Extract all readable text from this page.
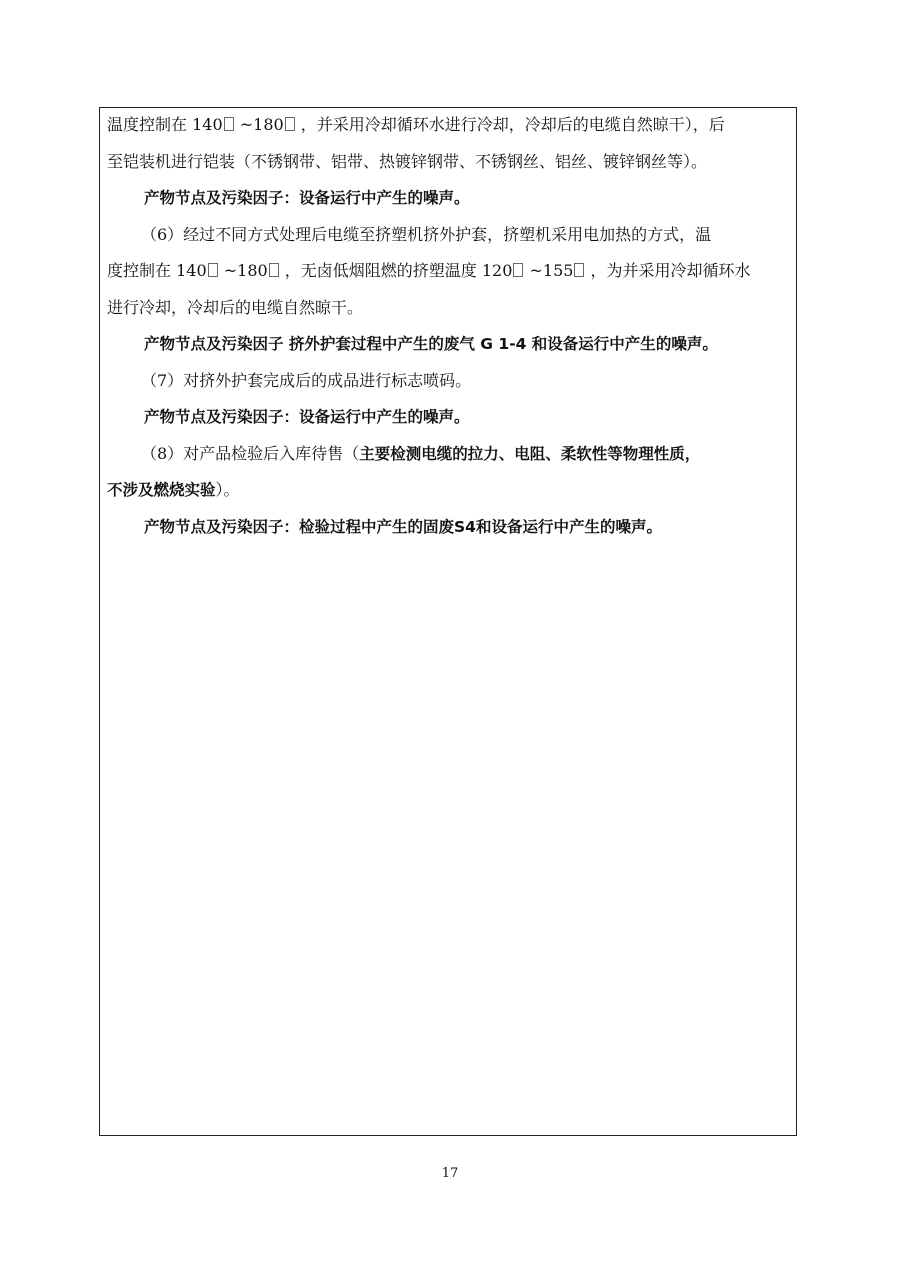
温度控制在 140 ~180 ，并采用冷却循环水进行冷却，冷却后的电缆自然晾干），后

至铠装机进行铠装（不锈钢带、铝带、热镀锌钢带、不锈钢丝、铝丝、镀锌钢丝等）。

产物节点及污染因子：设备运行中产生的噪声。

（6）经过不同方式处理后电缆至挤塑机挤外护套，挤塑机采用电加热的方式，温

度控制在 140 ~180 ，无卤低烟阻燃的挤塑温度 120 ~155 ，为并采用冷却循环水

进行冷却，冷却后的电缆自然晾干。

产物节点及污染因子 挤外护套过程中产生的废气 G 1-4 和设备运行中产生的噪声。

（7）对挤外护套完成后的成品进行标志喷码。

产物节点及污染因子：设备运行中产生的噪声。

（8）对产品检验后入库待售（主要检测电缆的拉力、电阻、柔软性等物理性质，

不涉及燃烧实验）。

产物节点及污染因子：检验过程中产生的固废S4和设备运行中产生的噪声。

17
